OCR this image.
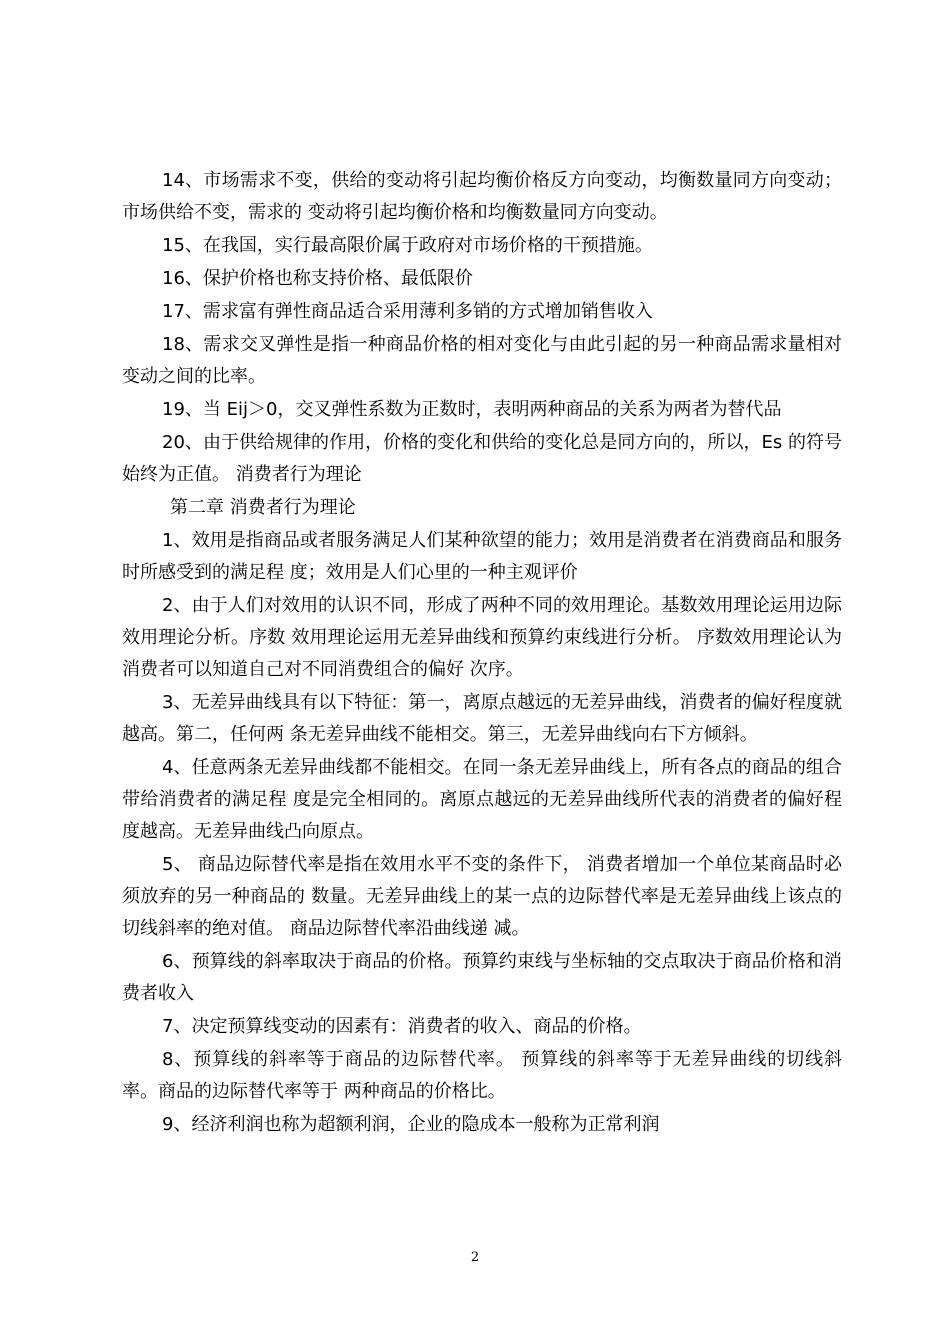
14、市场需求不变，供给的变动将引起均衡价格反方向变动，均衡数量同方向变动；市场供给不变，需求的 变动将引起均衡价格和均衡数量同方向变动。

15、在我国，实行最高限价属于政府对市场价格的干预措施。

16、保护价格也称支持价格、最低限价

17、需求富有弹性商品适合采用薄利多销的方式增加销售收入

18、需求交叉弹性是指一种商品价格的相对变化与由此引起的另一种商品需求量相对变动之间的比率。

19、当 Eij＞0，交叉弹性系数为正数时，表明两种商品的关系为两者为替代品

20、由于供给规律的作用，价格的变化和供给的变化总是同方向的，所以，Es 的符号始终为正值。 消费者行为理论

第二章 消费者行为理论

1、效用是指商品或者服务满足人们某种欲望的能力；效用是消费者在消费商品和服务时所感受到的满足程 度；效用是人们心里的一种主观评价

2、由于人们对效用的认识不同，形成了两种不同的效用理论。基数效用理论运用边际效用理论分析。序数 效用理论运用无差异曲线和预算约束线进行分析。 序数效用理论认为消费者可以知道自己对不同消费组合的偏好 次序。

3、无差异曲线具有以下特征：第一，离原点越远的无差异曲线，消费者的偏好程度就越高。第二，任何两 条无差异曲线不能相交。第三，无差异曲线向右下方倾斜。

4、任意两条无差异曲线都不能相交。在同一条无差异曲线上，所有各点的商品的组合带给消费者的满足程 度是完全相同的。离原点越远的无差异曲线所代表的消费者的偏好程度越高。无差异曲线凸向原点。

5、 商品边际替代率是指在效用水平不变的条件下， 消费者增加一个单位某商品时必须放弃的另一种商品的 数量。无差异曲线上的某一点的边际替代率是无差异曲线上该点的切线斜率的绝对值。 商品边际替代率沿曲线递 减。

6、预算线的斜率取决于商品的价格。预算约束线与坐标轴的交点取决于商品价格和消费者收入

7、决定预算线变动的因素有：消费者的收入、商品的价格。

8、预算线的斜率等于商品的边际替代率。 预算线的斜率等于无差异曲线的切线斜率。商品的边际替代率等于 两种商品的价格比。

9、经济利润也称为超额利润，企业的隐成本一般称为正常利润

2
